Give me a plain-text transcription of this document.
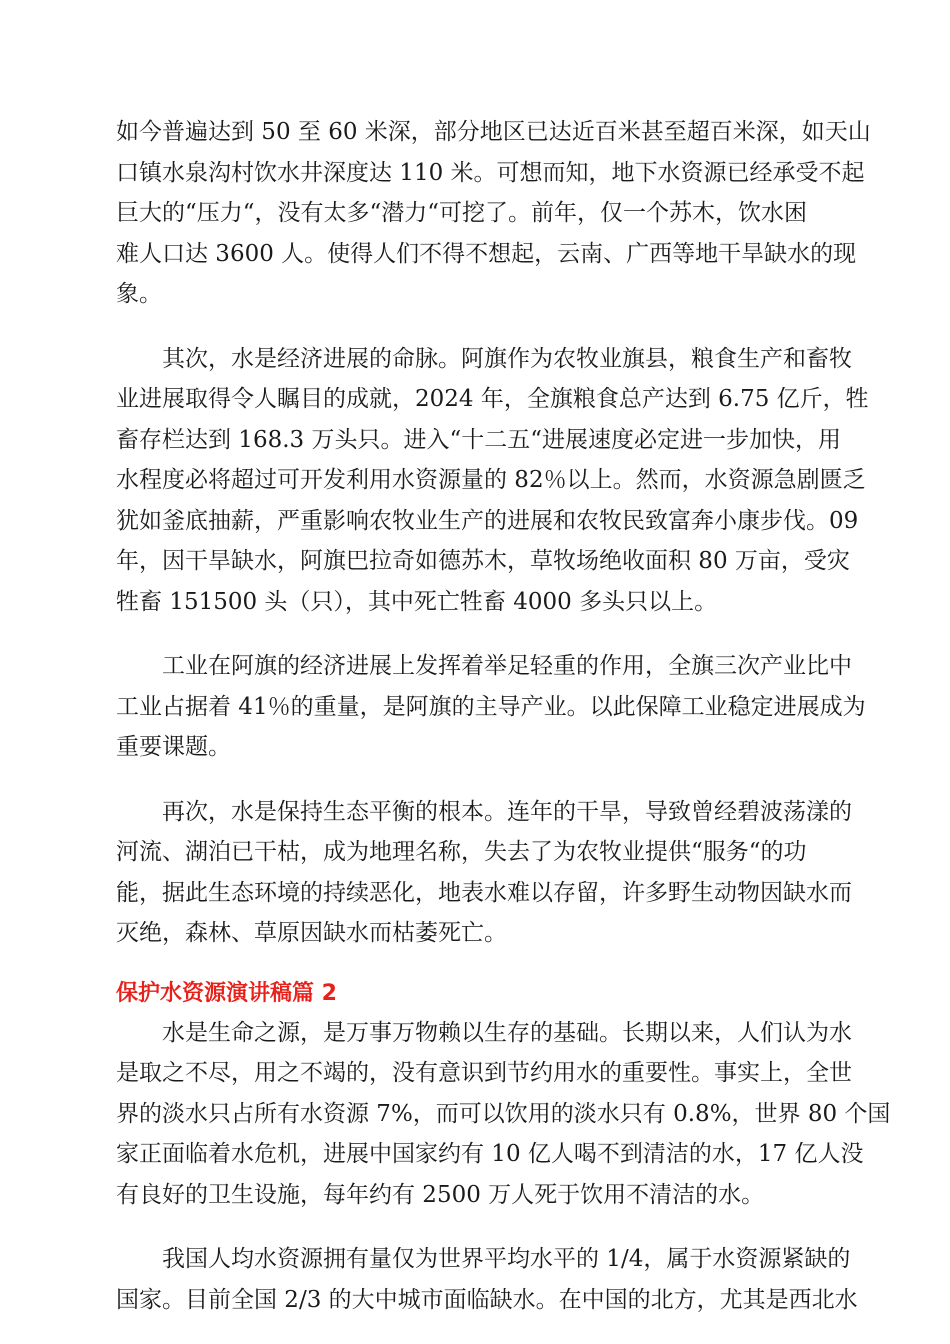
如今普遍达到 50 至 60 米深，部分地区已达近百米甚至超百米深，如天山
口镇水泉沟村饮水井深度达 110 米。可想而知，地下水资源已经承受不起
巨大的“压力“，没有太多“潜力“可挖了。前年，仅一个苏木，饮水困
难人口达 3600 人。使得人们不得不想起，云南、广西等地干旱缺水的现
象。
　　其次，水是经济进展的命脉。阿旗作为农牧业旗县，粮食生产和畜牧
业进展取得令人瞩目的成就，2024 年，全旗粮食总产达到 6.75 亿斤，牲
畜存栏达到 168.3 万头只。进入“十二五“进展速度必定进一步加快，用
水程度必将超过可开发利用水资源量的 82％以上。然而，水资源急剧匮乏
犹如釜底抽薪，严重影响农牧业生产的进展和农牧民致富奔小康步伐。09
年，因干旱缺水，阿旗巴拉奇如德苏木，草牧场绝收面积 80 万亩，受灾
牲畜 151500 头（只），其中死亡牲畜 4000 多头只以上。
　　工业在阿旗的经济进展上发挥着举足轻重的作用，全旗三次产业比中
工业占据着 41％的重量，是阿旗的主导产业。以此保障工业稳定进展成为
重要课题。
　　再次，水是保持生态平衡的根本。连年的干旱，导致曾经碧波荡漾的
河流、湖泊已干枯，成为地理名称，失去了为农牧业提供“服务“的功
能，据此生态环境的持续恶化，地表水难以存留，许多野生动物因缺水而
灭绝，森林、草原因缺水而枯萎死亡。
保护水资源演讲稿篇 2
　　水是生命之源，是万事万物赖以生存的基础。长期以来，人们认为水
是取之不尽，用之不竭的，没有意识到节约用水的重要性。事实上，全世
界的淡水只占所有水资源 7%，而可以饮用的淡水只有 0.8%，世界 80 个国
家正面临着水危机，进展中国家约有 10 亿人喝不到清洁的水，17 亿人没
有良好的卫生设施，每年约有 2500 万人死于饮用不清洁的水。
　　我国人均水资源拥有量仅为世界平均水平的 1/4，属于水资源紧缺的
国家。目前全国 2/3 的大中城市面临缺水。在中国的北方，尤其是西北水
